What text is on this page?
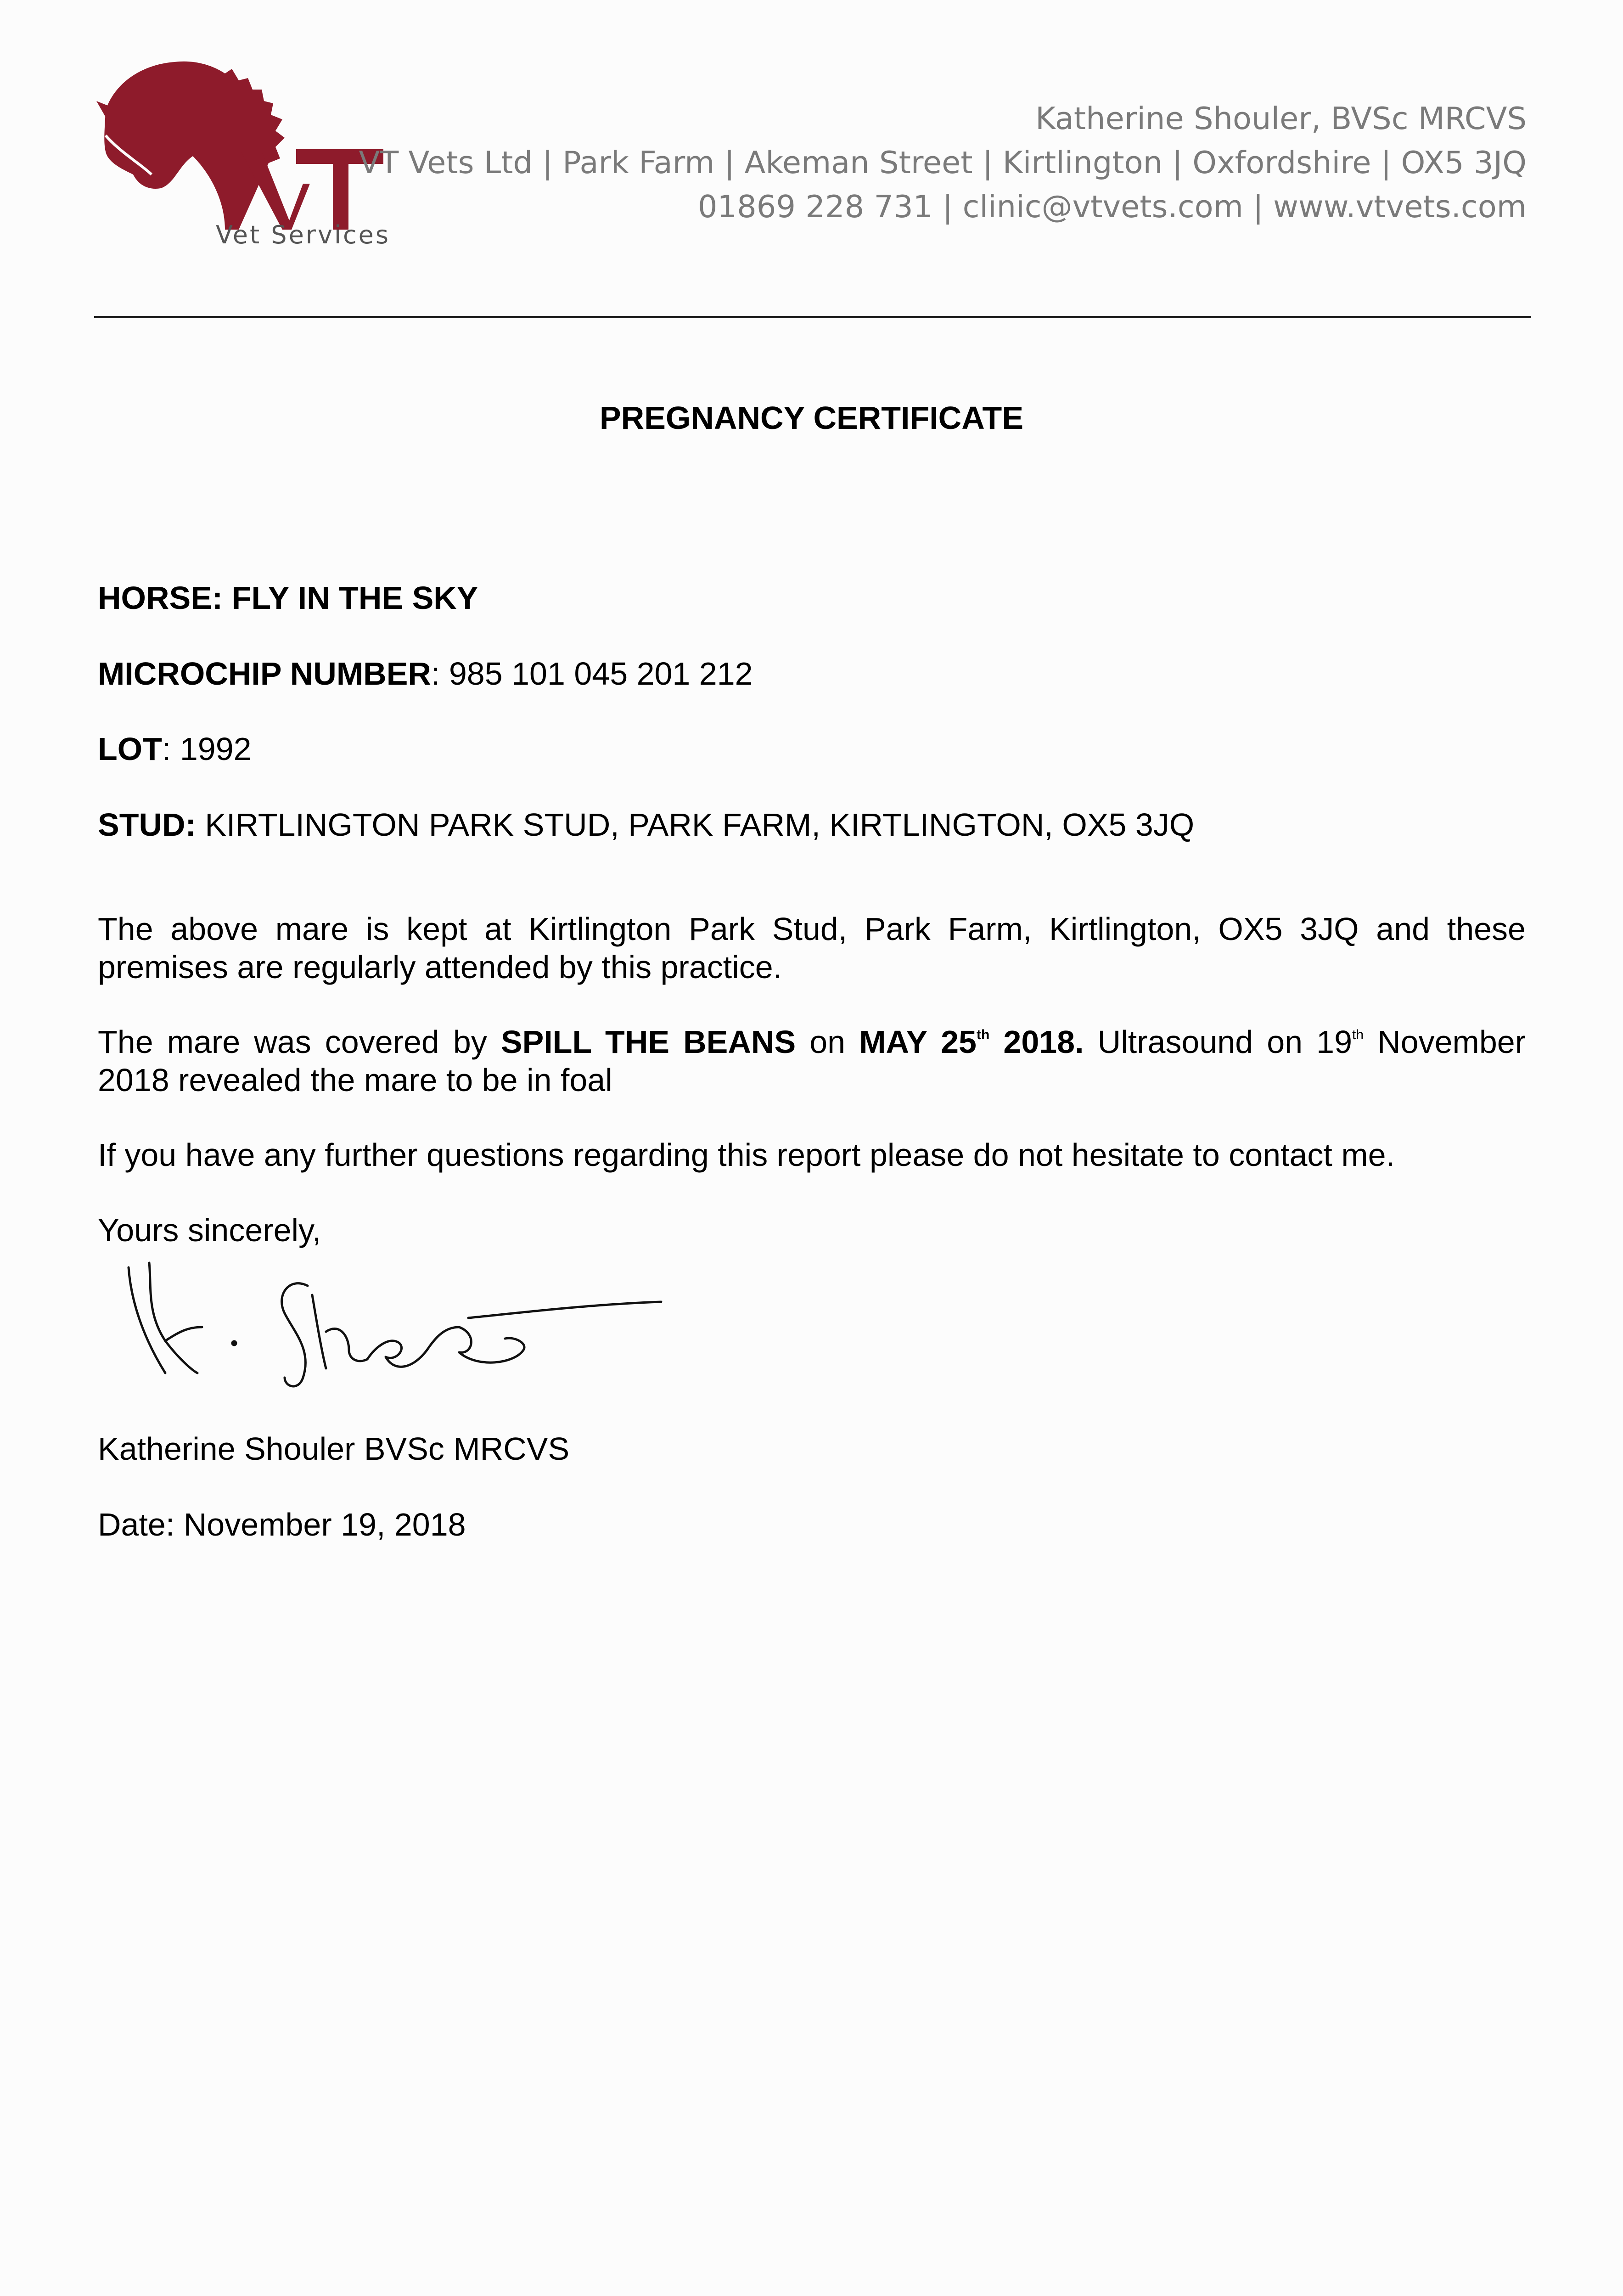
Vet Services
Katherine Shouler, BVSc MRCVS
VT Vets Ltd | Park Farm | Akeman Street | Kirtlington | Oxfordshire | OX5 3JQ
01869 228 731 | clinic@vtvets.com | www.vtvets.com
PREGNANCY CERTIFICATE
HORSE: FLY IN THE SKY
MICROCHIP NUMBER: 985 101 045 201 212
LOT: 1992
STUD: KIRTLINGTON PARK STUD, PARK FARM, KIRTLINGTON, OX5 3JQ
The above mare is kept at Kirtlington Park Stud, Park Farm, Kirtlington, OX5 3JQ and these premises are regularly attended by this practice.
The mare was covered by SPILL THE BEANS on MAY 25th 2018. Ultrasound on 19th November 2018 revealed the mare to be in foal
If you have any further questions regarding this report please do not hesitate to contact me.
Yours sincerely,
Katherine Shouler BVSc MRCVS
Date: November 19, 2018
